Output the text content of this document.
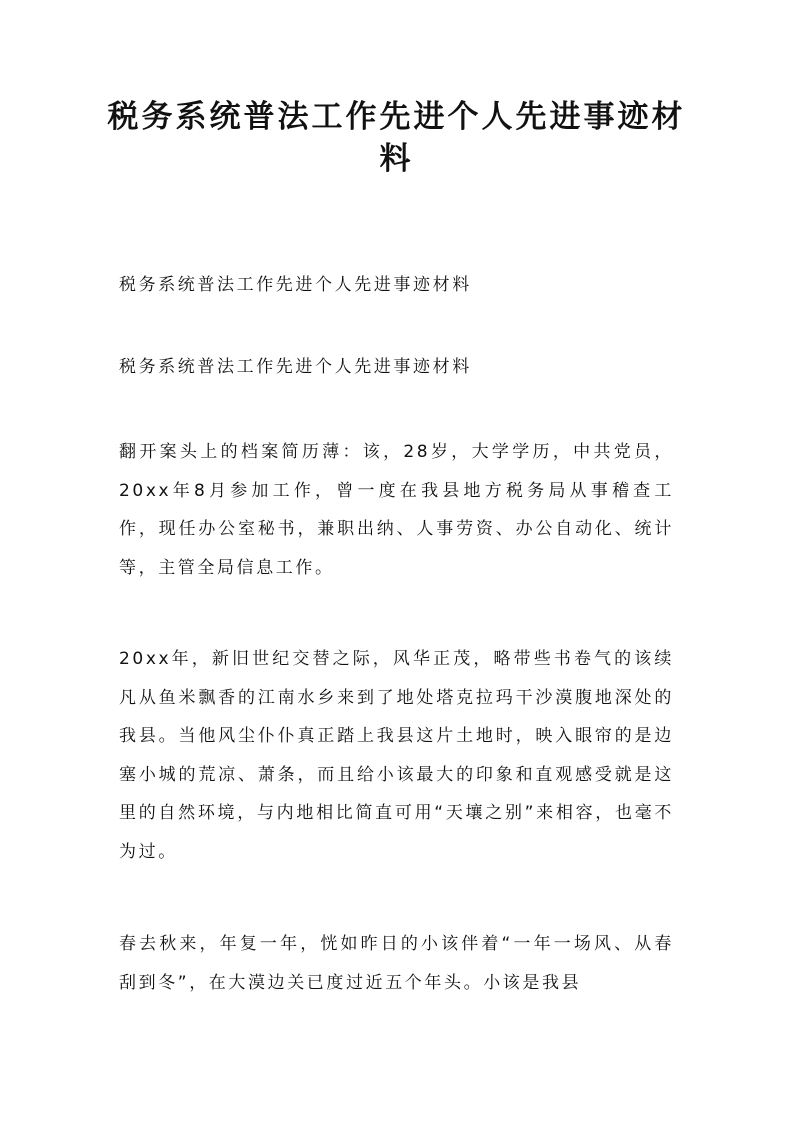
税务系统普法工作先进个人先进事迹材料

税务系统普法工作先进个人先进事迹材料

税务系统普法工作先进个人先进事迹材料

翻开案头上的档案简历薄：该，28岁，大学学历，中共党员，20xx年8月参加工作，曾一度在我县地方税务局从事稽查工作，现任办公室秘书，兼职出纳、人事劳资、办公自动化、统计等，主管全局信息工作。

20xx年，新旧世纪交替之际，风华正茂，略带些书卷气的该续凡从鱼米飘香的江南水乡来到了地处塔克拉玛干沙漠腹地深处的我县。当他风尘仆仆真正踏上我县这片土地时，映入眼帘的是边塞小城的荒凉、萧条，而且给小该最大的印象和直观感受就是这里的自然环境，与内地相比简直可用“天壤之别”来相容，也毫不为过。

春去秋来，年复一年，恍如昨日的小该伴着“一年一场风、从春刮到冬”，在大漠边关已度过近五个年头。小该是我县
